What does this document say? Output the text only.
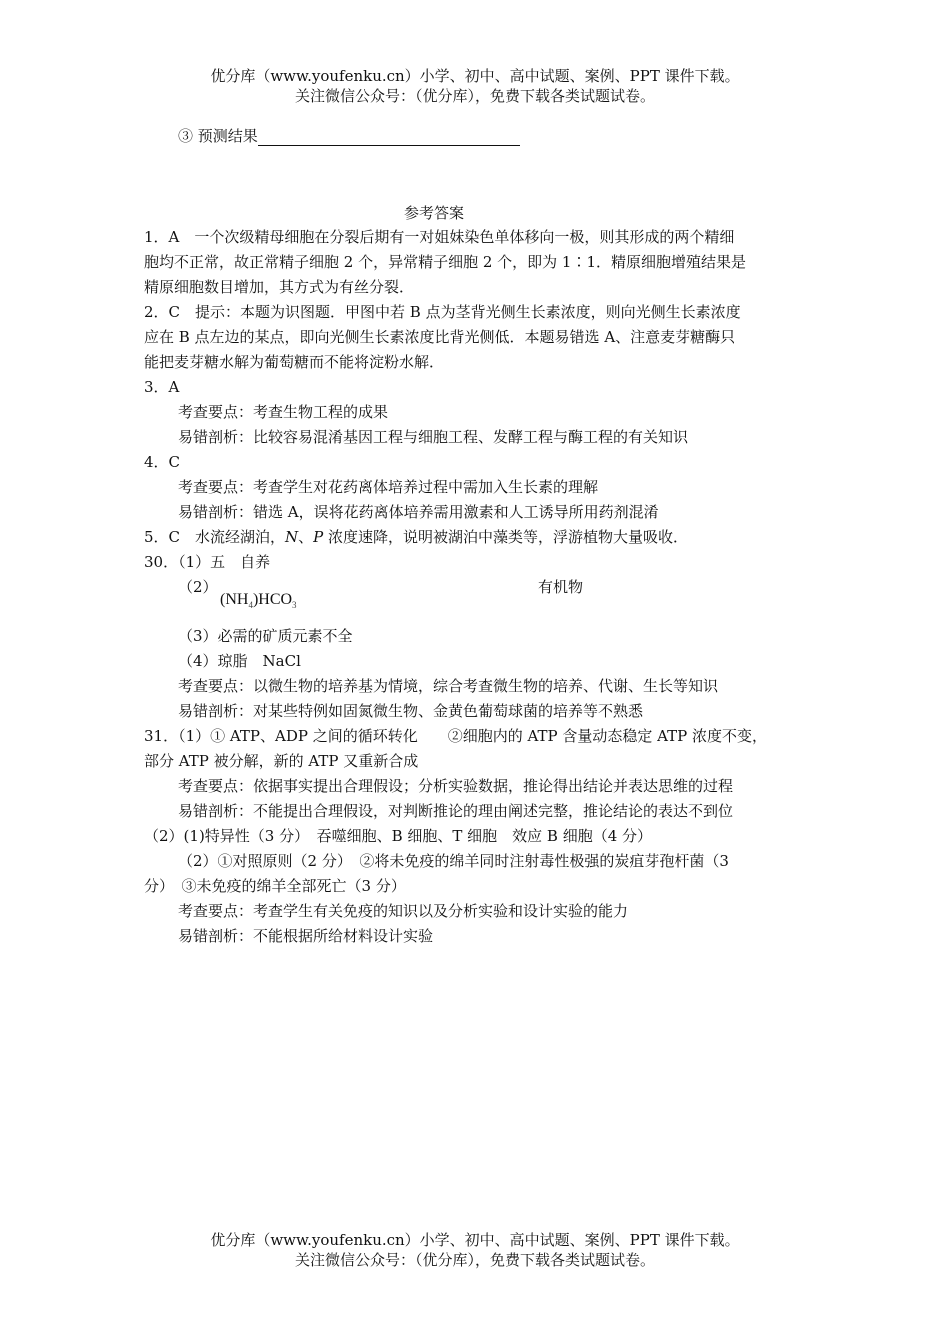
优分库（www.youfenku.cn）小学、初中、高中试题、案例、PPT 课件下载。
关注微信公众号：（优分库），免费下载各类试题试卷。
③ 预测结果
参考答案
1．A　一个次级精母细胞在分裂后期有一对姐妹染色单体移向一极，则其形成的两个精细
胞均不正常，故正常精子细胞 2 个，异常精子细胞 2 个，即为 1∶1．精原细胞增殖结果是
精原细胞数目增加，其方式为有丝分裂．
2．C　提示：本题为识图题．甲图中若 B 点为茎背光侧生长素浓度，则向光侧生长素浓度
应在 B 点左边的某点，即向光侧生长素浓度比背光侧低．本题易错选 A、注意麦芽糖酶只
能把麦芽糖水解为葡萄糖而不能将淀粉水解．
3．A
考查要点：考查生物工程的成果
易错剖析：比较容易混淆基因工程与细胞工程、发酵工程与酶工程的有关知识
4．C
考查要点：考查学生对花药离体培养过程中需加入生长素的理解
易错剖析：错选 A，误将花药离体培养需用激素和人工诱导所用药剂混淆
5．C　水流经湖泊，N、P 浓度速降，说明被湖泊中藻类等，浮游植物大量吸收．
30．（1）五　自养
（2）
$(NH_4)HCO_3$
有机物
（3）必需的矿质元素不全
（4）琼脂　NaCl
考查要点：以微生物的培养基为情境，综合考查微生物的培养、代谢、生长等知识
易错剖析：对某些特例如固氮微生物、金黄色葡萄球菌的培养等不熟悉
31．（1）① ATP、ADP 之间的循环转化　　②细胞内的 ATP 含量动态稳定 ATP 浓度不变，
部分 ATP 被分解，新的 ATP 又重新合成
考查要点：依据事实提出合理假设；分析实验数据，推论得出结论并表达思维的过程
易错剖析：不能提出合理假设，对判断推论的理由阐述完整，推论结论的表达不到位
（2）(1)特异性（3 分）　吞噬细胞、B 细胞、T 细胞　效应 B 细胞（4 分）
（2）①对照原则（2 分）　②将未免疫的绵羊同时注射毒性极强的炭疽芽孢杆菌（3
分）　③未免疫的绵羊全部死亡（3 分）
考查要点：考查学生有关免疫的知识以及分析实验和设计实验的能力
易错剖析：不能根据所给材料设计实验
优分库（www.youfenku.cn）小学、初中、高中试题、案例、PPT 课件下载。
关注微信公众号：（优分库），免费下载各类试题试卷。
